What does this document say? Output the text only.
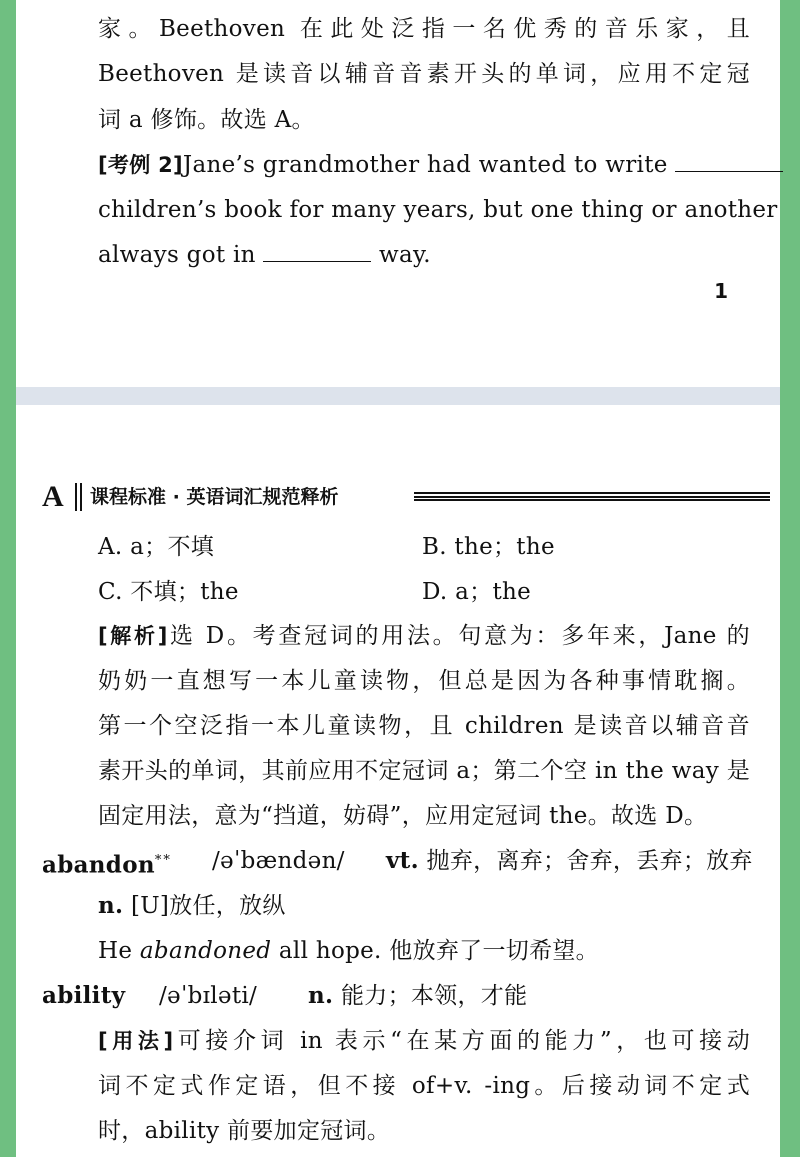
家。Beethoven 在此处泛指一名优秀的音乐家，且
Beethoven 是读音以辅音音素开头的单词，应用不定冠
词 a 修饰。故选 A。
[考例 2]Jane’s grandmother had wanted to write
children’s book for many years, but one thing or another
always got in	way.
1
A 课程标准 · 英语词汇规范释析
A. a；不填	B. the；the
C. 不填；the	D. a；the
[解析]选 D。考查冠词的用法。句意为：多年来，Jane 的
奶奶一直想写一本儿童读物，但总是因为各种事情耽搁。
第一个空泛指一本儿童读物，且 children 是读音以辅音音
素开头的单词，其前应用不定冠词 a；第二个空 in the way 是
固定用法，意为“挡道，妨碍”，应用定冠词 the。故选 D。
abandon** /əˈbændən/ vt. 抛弃，离弃；舍弃，丢弃；放弃
n. [U]放任，放纵
He abandoned all hope. 他放弃了一切希望。
ability /əˈbɪləti/ n. 能力；本领，才能
[用法]可接介词 in 表示“在某方面的能力”，也可接动
词不定式作定语，但不接 of+v. -ing。后接动词不定式
时，ability 前要加定冠词。
